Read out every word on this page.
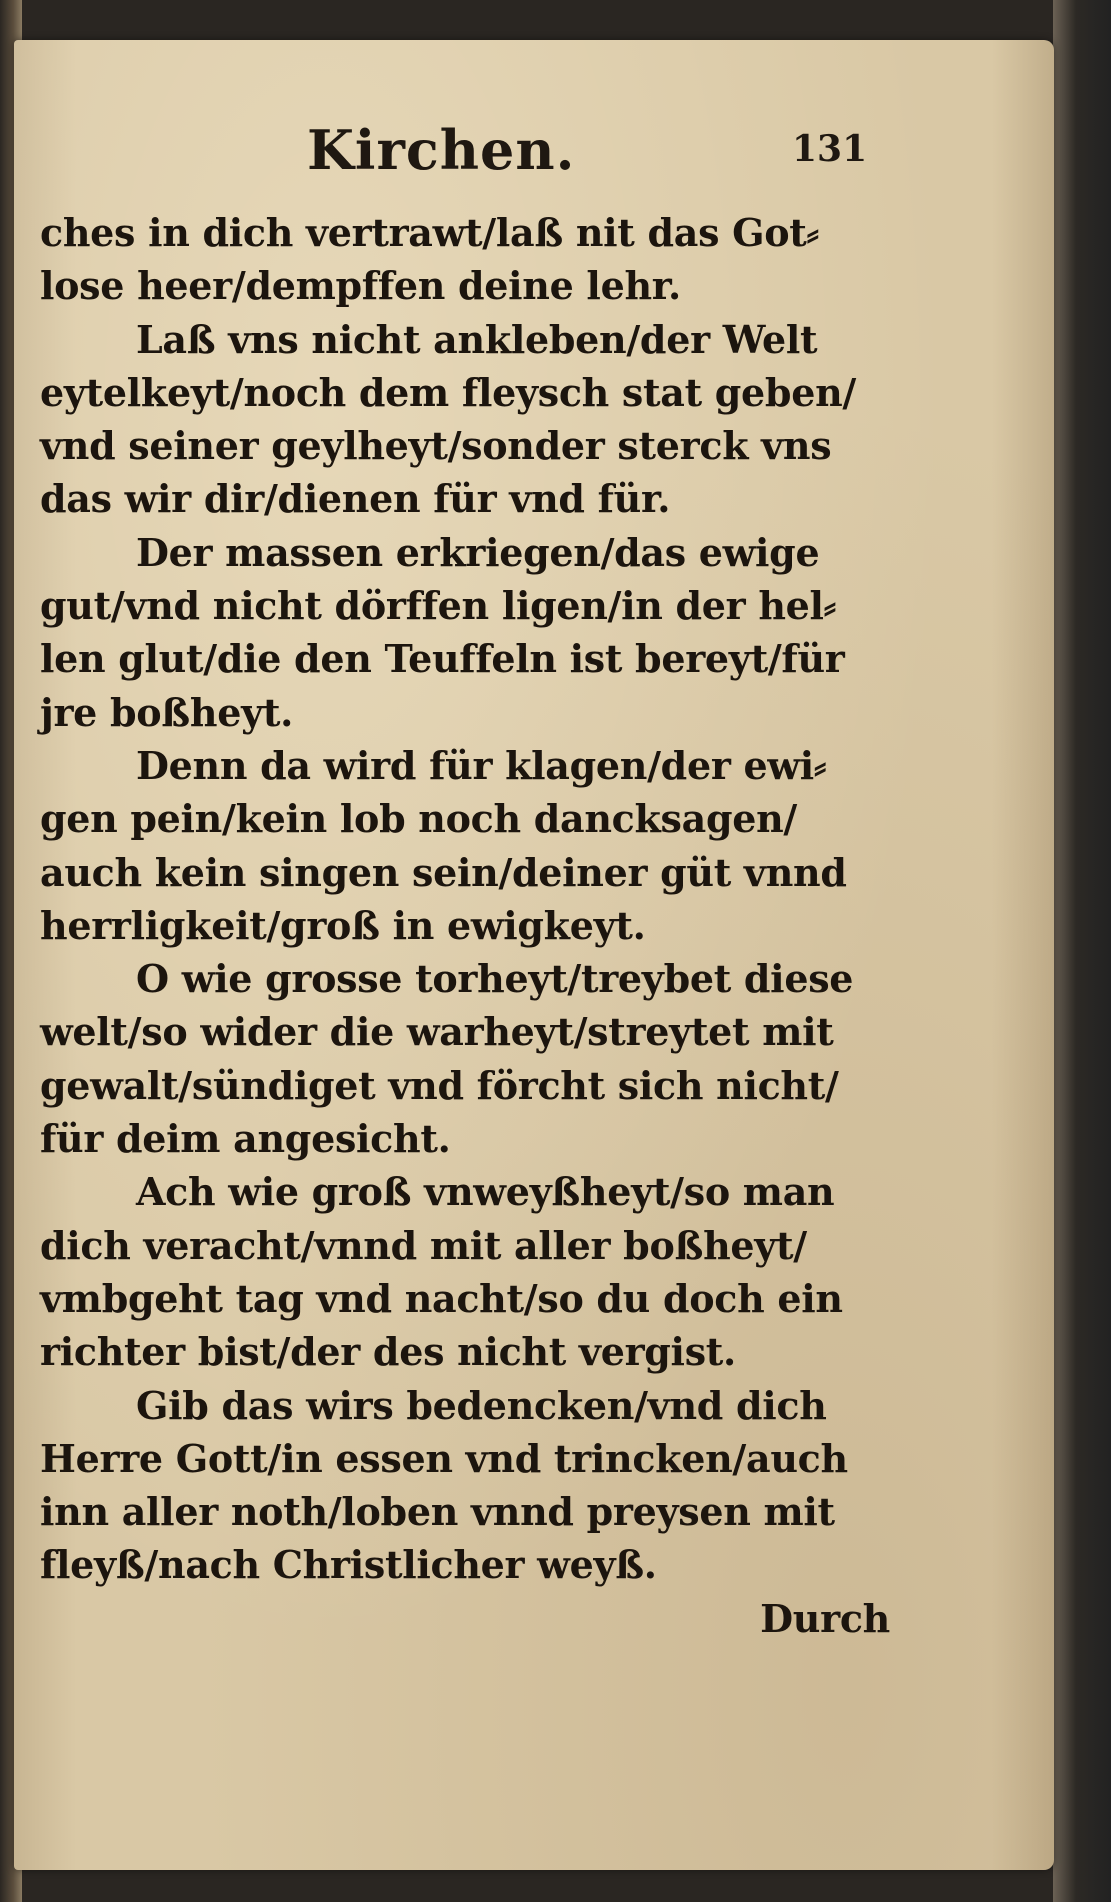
Kirchen.	131
ches in dich vertrawt/laß nit das Got⸗
lose heer/dempffen deine lehr.
Laß vns nicht ankleben/der Welt
eytelkeyt/noch dem fleysch stat geben/
vnd seiner geylheyt/sonder sterck vns
das wir dir/dienen für vnd für.
Der massen erkriegen/das ewige
gut/vnd nicht dörffen ligen/in der hel⸗
len glut/die den Teuffeln ist bereyt/für
jre boßheyt.
Denn da wird für klagen/der ewi⸗
gen pein/kein lob noch dancksagen/
auch kein singen sein/deiner güt vnnd
herrligkeit/groß in ewigkeyt.
O wie grosse torheyt/treybet diese
welt/so wider die warheyt/streytet mit
gewalt/sündiget vnd förcht sich nicht/
für deim angesicht.
Ach wie groß vnweyßheyt/so man
dich veracht/vnnd mit aller boßheyt/
vmbgeht tag vnd nacht/so du doch ein
richter bist/der des nicht vergist.
Gib das wirs bedencken/vnd dich
Herre Gott/in essen vnd trincken/auch
inn aller noth/loben vnnd preysen mit
fleyß/nach Christlicher weyß.
Durch
